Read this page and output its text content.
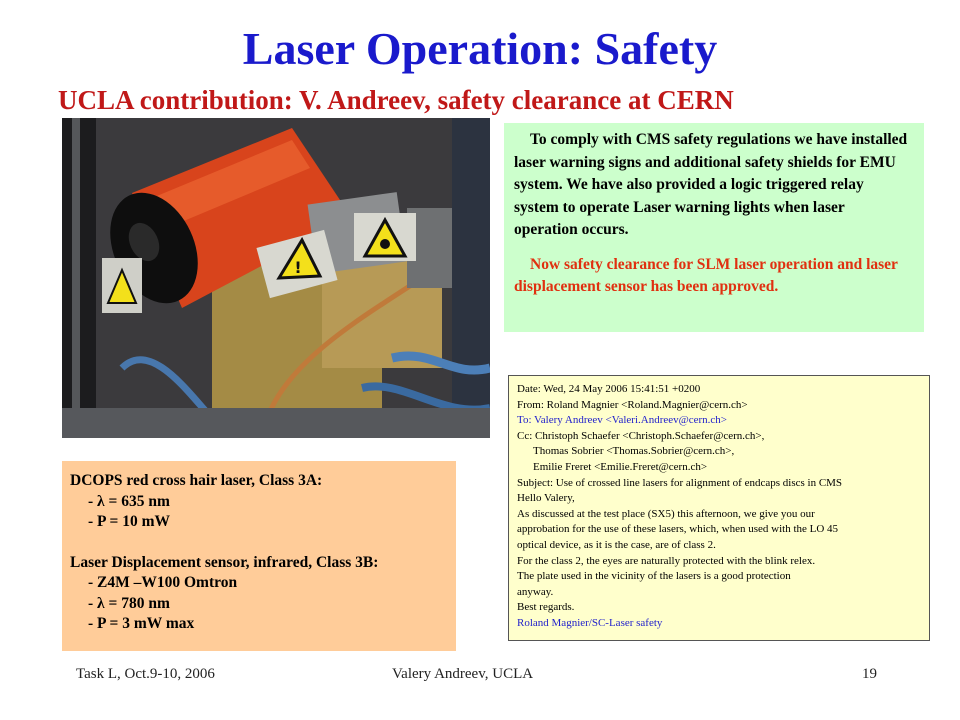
Laser Operation: Safety
UCLA contribution: V. Andreev, safety clearance at CERN
!

To comply with CMS safety regulations we have installed laser warning signs and additional safety shields for EMU system. We have also provided a logic triggered relay system to operate Laser warning lights when laser operation occurs.

Now safety clearance for SLM laser operation and laser displacement sensor has been approved.

DCOPS red cross hair laser, Class 3A:
- λ = 635 nm
- P = 10 mW
Laser Displacement sensor, infrared, Class 3B:
- Z4M –W100 Omtron
- λ = 780 nm
- P = 3 mW max
Date: Wed, 24 May 2006 15:41:51 +0200
From: Roland Magnier <Roland.Magnier@cern.ch>
To: Valery Andreev <Valeri.Andreev@cern.ch>
Cc: Christoph Schaefer <Christoph.Schaefer@cern.ch>,
Thomas Sobrier <Thomas.Sobrier@cern.ch>,
Emilie Freret <Emilie.Freret@cern.ch>
Subject: Use of crossed line lasers for alignment of endcaps discs in CMS
Hello Valery,
As discussed at the test place (SX5) this afternoon, we give you our
approbation for the use of these lasers, which, when used with the LO 45
optical device, as it is the case, are of class 2.
For the class 2, the eyes are naturally protected with the blink relex.
The plate used in the vicinity of the lasers is a good protection
anyway.
Best regards.
Roland Magnier/SC-Laser safety
Task L, Oct.9-10, 2006	Valery Andreev, UCLA	19
